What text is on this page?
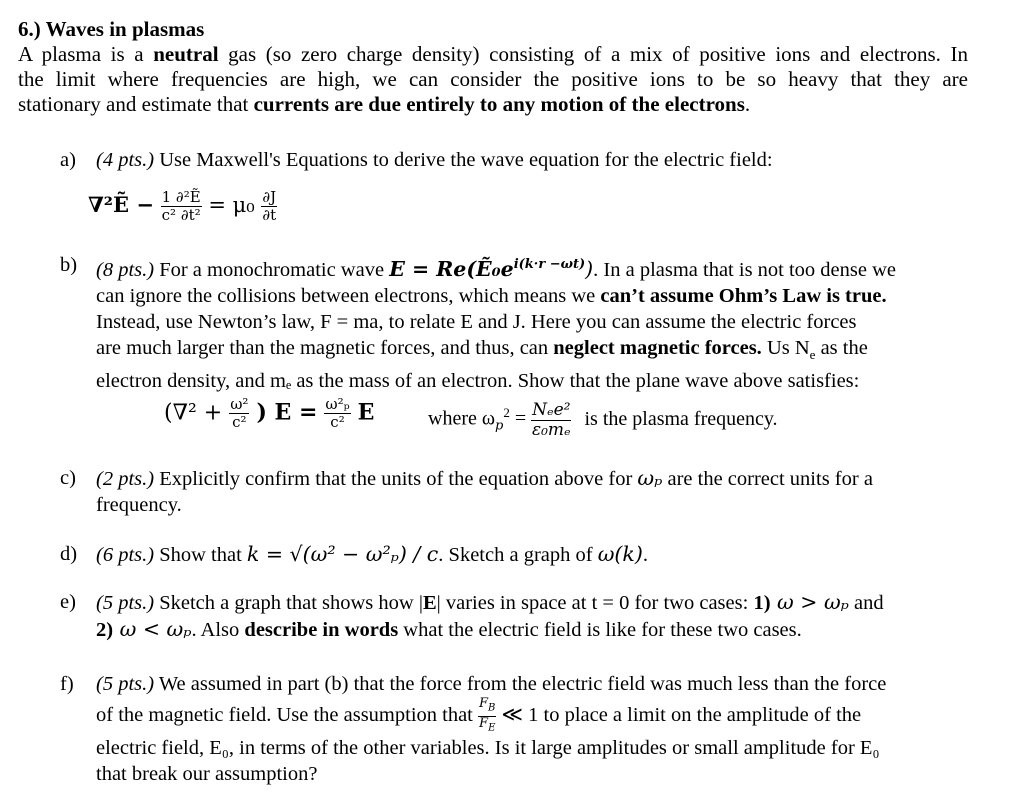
6.) Waves in plasmas
A plasma is a neutral gas (so zero charge density) consisting of a mix of positive ions and electrons. In
the limit where frequencies are high, we can consider the positive ions to be so heavy that they are
stationary and estimate that currents are due entirely to any motion of the electrons.
a) (4 pts.) Use Maxwell's Equations to derive the wave equation for the electric field:
∇²Ẽ − $\frac{\text{1 ∂²Ẽ}}{\text{c² ∂t²}} = \mu_0 \frac{\partial J}{\partial t}$
b) (8 pts.) For a monochromatic wave $E = Re(Ẽ_0e^{i(k\cdot r -\omega t)})$. In a plasma that is not too dense we
can ignore the collisions between electrons, which means we can’t assume Ohm’s Law is true.
Instead, use Newton’s law, F = ma, to relate E and J. Here you can assume the electric forces
are much larger than the magnetic forces, and thus, can neglect magnetic forces. Us $N_e$ as the
electron density, and mₑ as the mass of an electron. Show that the plane wave above satisfies:
($\nabla^2 + \frac{\text{ω²}}{\text{c²}}$ ) $E = \frac{\text{ω²ₚ}}{\text{c²}}$ E	where $\omega_p^2 = \frac{\text{Nₑe²}}{\text{ε₀mₑ}}$ is the plasma frequency.
c) (2 pts.) Explicitly confirm that the units of the equation above for ωₚ are the correct units for a
frequency.
d) (6 pts.) Show that k = √(ω² − ω²ₚ) / c. Sketch a graph of ω(k).
e) (5 pts.) Sketch a graph that shows how |E| varies in space at t = 0 for two cases: 1) ω > ωₚ and
2) ω < ωₚ. Also describe in words what the electric field is like for these two cases.
f) (5 pts.) We assumed in part (b) that the force from the electric field was much less than the force
of the magnetic field. Use the assumption that $\frac{F_B}{F_E}$ ≪ 1 to place a limit on the amplitude of the
electric field, E₀, in terms of the other variables. Is it large amplitudes or small amplitude for E₀
that break our assumption?
